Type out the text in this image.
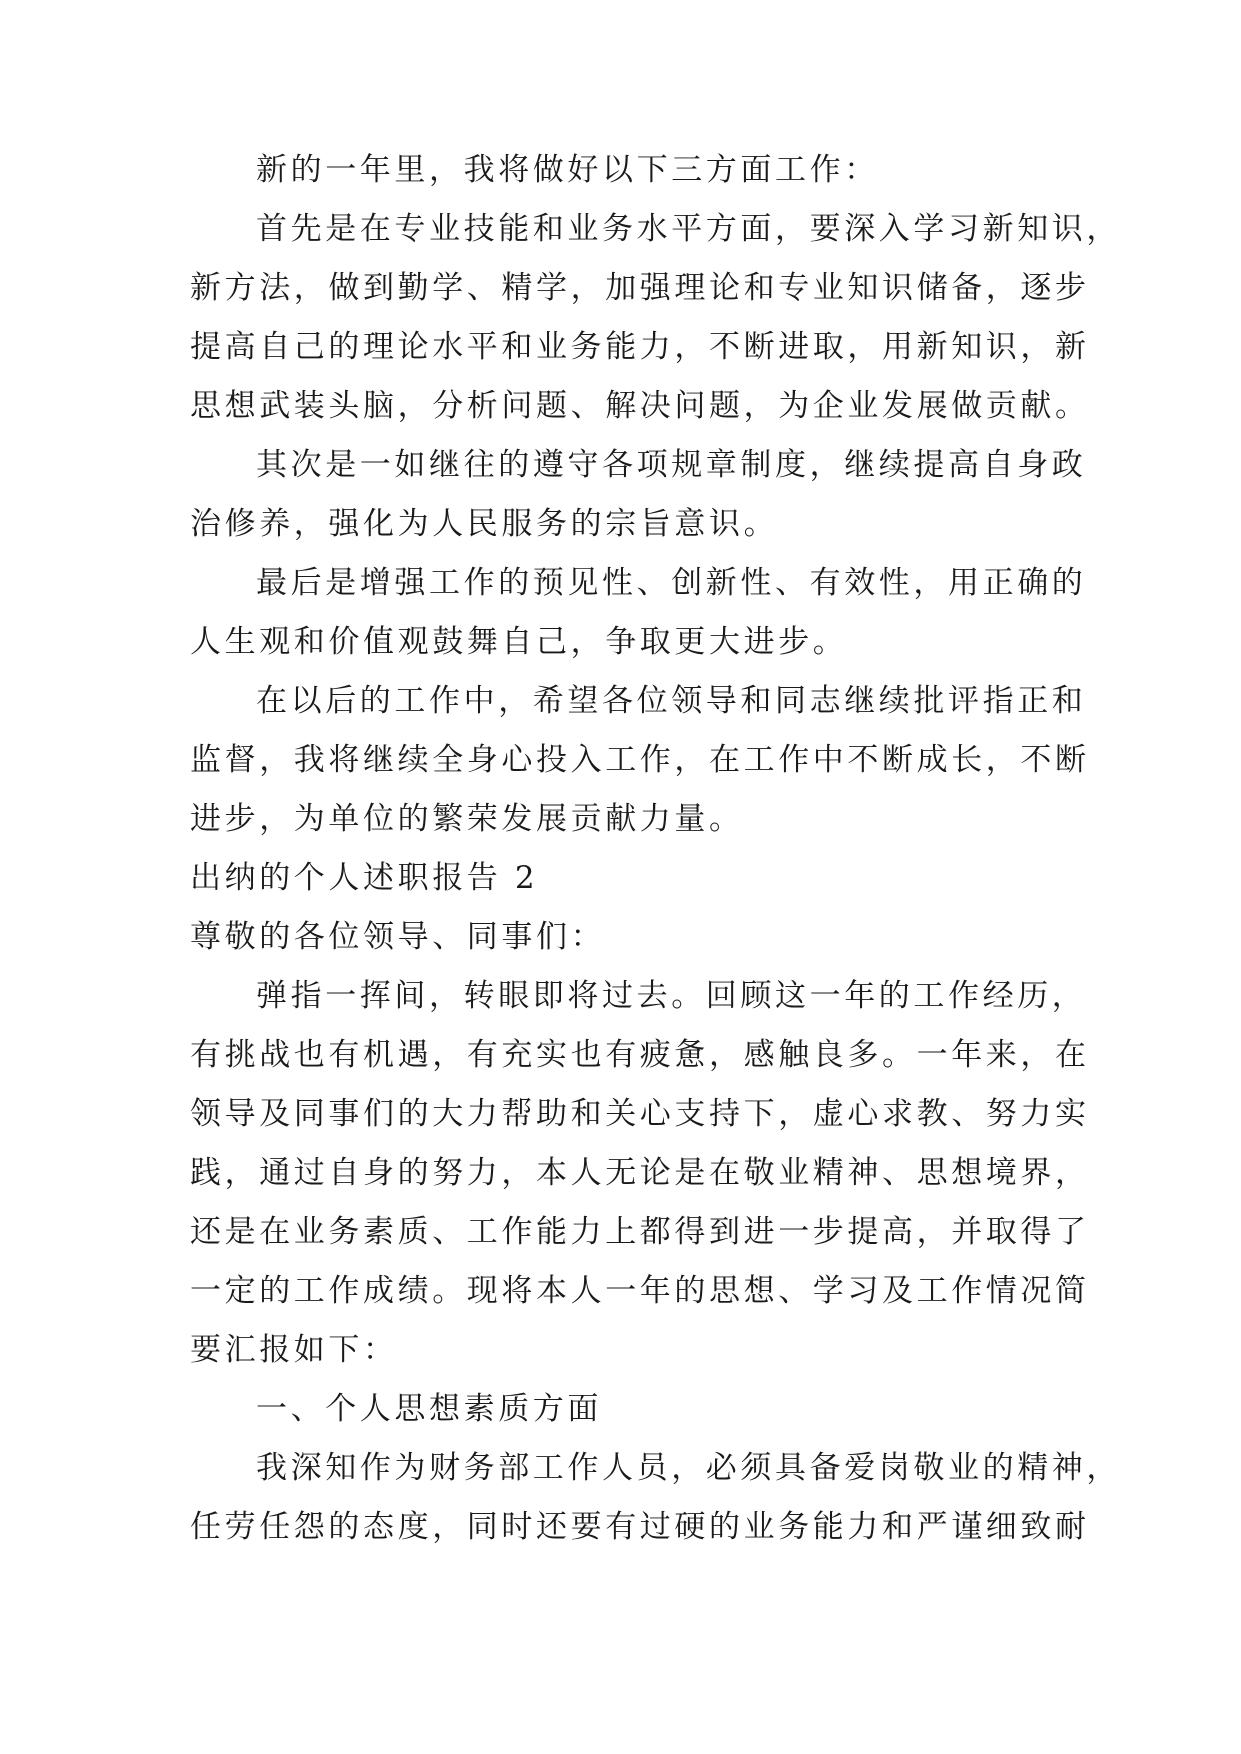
新的一年里，我将做好以下三方面工作：
首先是在专业技能和业务水平方面，要深入学习新知识，
新方法，做到勤学、精学，加强理论和专业知识储备，逐步
提高自己的理论水平和业务能力，不断进取，用新知识，新
思想武装头脑，分析问题、解决问题，为企业发展做贡献。
其次是一如继往的遵守各项规章制度，继续提高自身政
治修养，强化为人民服务的宗旨意识。
最后是增强工作的预见性、创新性、有效性，用正确的
人生观和价值观鼓舞自己，争取更大进步。
在以后的工作中，希望各位领导和同志继续批评指正和
监督，我将继续全身心投入工作，在工作中不断成长，不断
进步，为单位的繁荣发展贡献力量。
出纳的个人述职报告 2
尊敬的各位领导、同事们：
弹指一挥间，转眼即将过去。回顾这一年的工作经历，
有挑战也有机遇，有充实也有疲惫，感触良多。一年来，在
领导及同事们的大力帮助和关心支持下，虚心求教、努力实
践，通过自身的努力，本人无论是在敬业精神、思想境界，
还是在业务素质、工作能力上都得到进一步提高，并取得了
一定的工作成绩。现将本人一年的思想、学习及工作情况简
要汇报如下：
一、个人思想素质方面
我深知作为财务部工作人员，必须具备爱岗敬业的精神，
任劳任怨的态度，同时还要有过硬的业务能力和严谨细致耐
